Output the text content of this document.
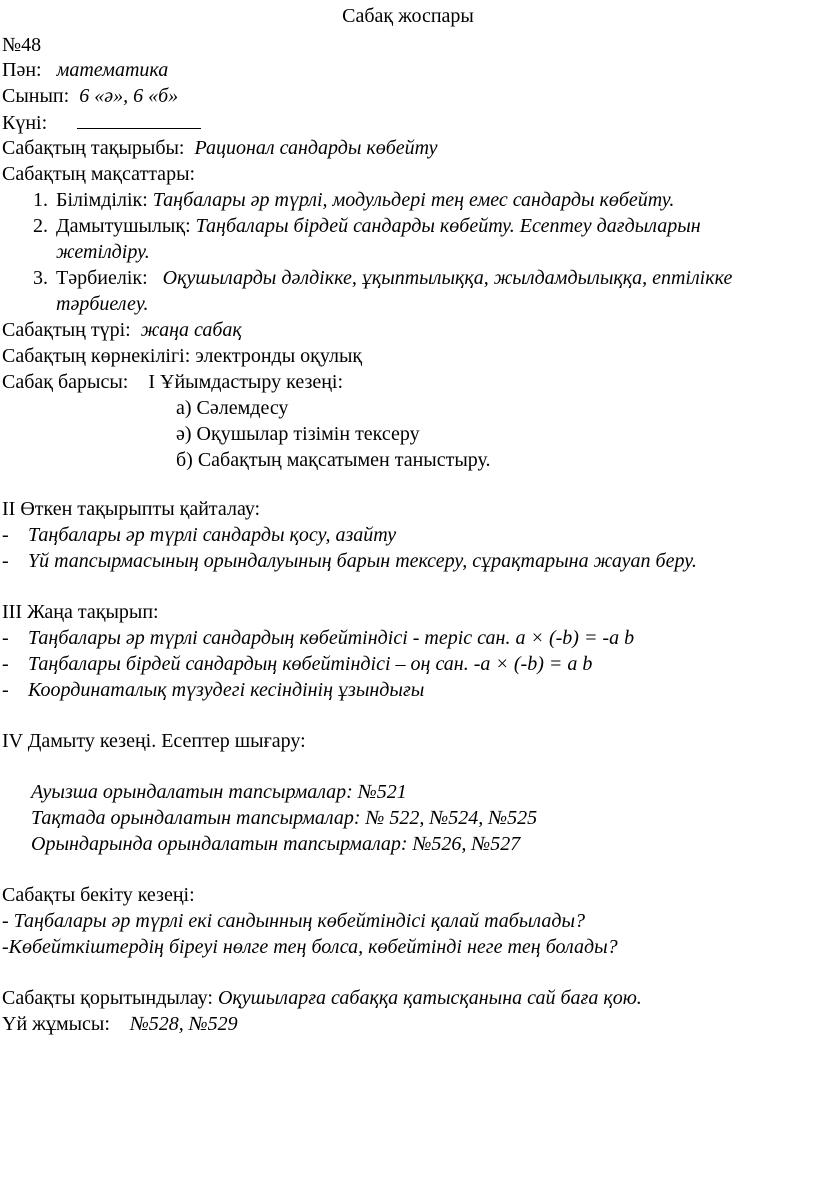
Сабақ жоспары
№48
Пән: математика
Сынып: 6 «ә», 6 «б»
Күні:
Сабақтың тақырыбы: Рационал сандарды көбейту
Сабақтың мақсаттары:
1. Білімділік: Таңбалары әр түрлі, модульдері тең емес сандарды көбейту.
2. Дамытушылық: Таңбалары бірдей сандарды көбейту. Есептеу дағдыларын
жетілдіру.
3. Тәрбиелік: Оқушыларды дәлдікке, ұқыптылыққа, жылдамдылыққа, ептілікке
тәрбиелеу.
Сабақтың түрі: жаңа сабақ
Сабақтың көрнекілігі: электронды оқулық
Сабақ барысы: І Ұйымдастыру кезеңі:
а) Сәлемдесу
ә) Оқушылар тізімін тексеру
б) Сабақтың мақсатымен таныстыру.
ІІ Өткен тақырыпты қайталау:
- Таңбалары әр түрлі сандарды қосу, азайту
- Үй тапсырмасының орындалуының барын тексеру, сұрақтарына жауап беру.
ІІІ Жаңа тақырып:
- Таңбалары әр түрлі сандардың көбейтіндісі - теріс сан. a × (-b) = -a b
- Таңбалары бірдей сандардың көбейтіндісі – оң сан. -a × (-b) = a b
- Координаталық түзудегі кесіндінің ұзындығы
IV Дамыту кезеңі. Есептер шығару:
Ауызша орындалатын тапсырмалар: №521
Тақтада орындалатын тапсырмалар: № 522, №524, №525
Орындарында орындалатын тапсырмалар: №526, №527
Сабақты бекіту кезеңі:
- Таңбалары әр түрлі екі сандынның көбейтіндісі қалай табылады?
-Көбейткіштердің біреуі нөлге тең болса, көбейтінді неге тең болады?
Сабақты қорытындылау: Оқушыларға сабаққа қатысқанына сай баға қою.
Үй жұмысы: №528, №529
